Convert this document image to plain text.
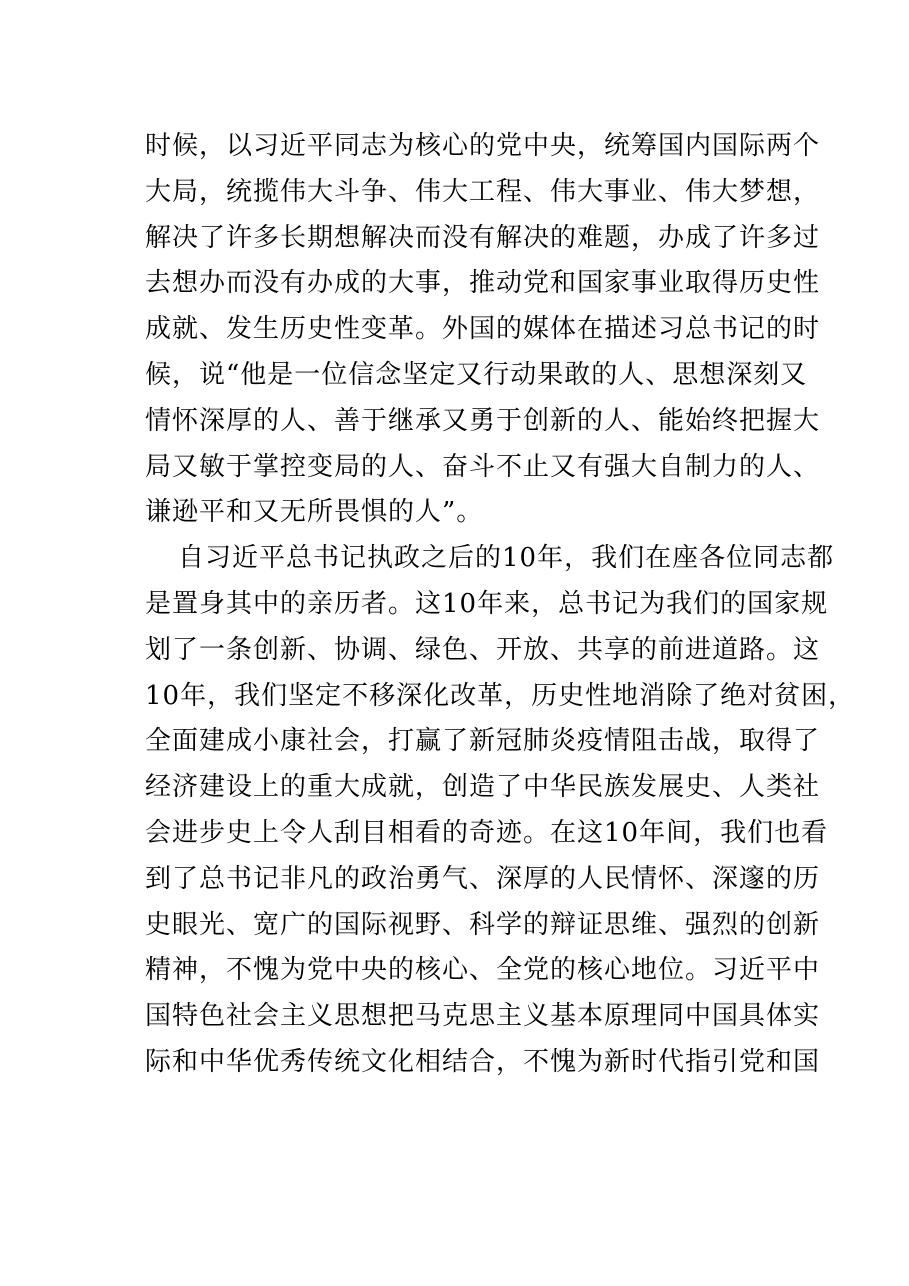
时候，以习近平同志为核心的党中央，统筹国内国际两个
大局，统揽伟大斗争、伟大工程、伟大事业、伟大梦想，
解决了许多长期想解决而没有解决的难题，办成了许多过
去想办而没有办成的大事，推动党和国家事业取得历史性
成就、发生历史性变革。外国的媒体在描述习总书记的时
候，说“他是一位信念坚定又行动果敢的人、思想深刻又
情怀深厚的人、善于继承又勇于创新的人、能始终把握大
局又敏于掌控变局的人、奋斗不止又有强大自制力的人、
谦逊平和又无所畏惧的人”。
自习近平总书记执政之后的10年，我们在座各位同志都
是置身其中的亲历者。这10年来，总书记为我们的国家规
划了一条创新、协调、绿色、开放、共享的前进道路。这
10年，我们坚定不移深化改革，历史性地消除了绝对贫困，
全面建成小康社会，打赢了新冠肺炎疫情阻击战，取得了
经济建设上的重大成就，创造了中华民族发展史、人类社
会进步史上令人刮目相看的奇迹。在这10年间，我们也看
到了总书记非凡的政治勇气、深厚的人民情怀、深邃的历
史眼光、宽广的国际视野、科学的辩证思维、强烈的创新
精神，不愧为党中央的核心、全党的核心地位。习近平中
国特色社会主义思想把马克思主义基本原理同中国具体实
际和中华优秀传统文化相结合，不愧为新时代指引党和国
